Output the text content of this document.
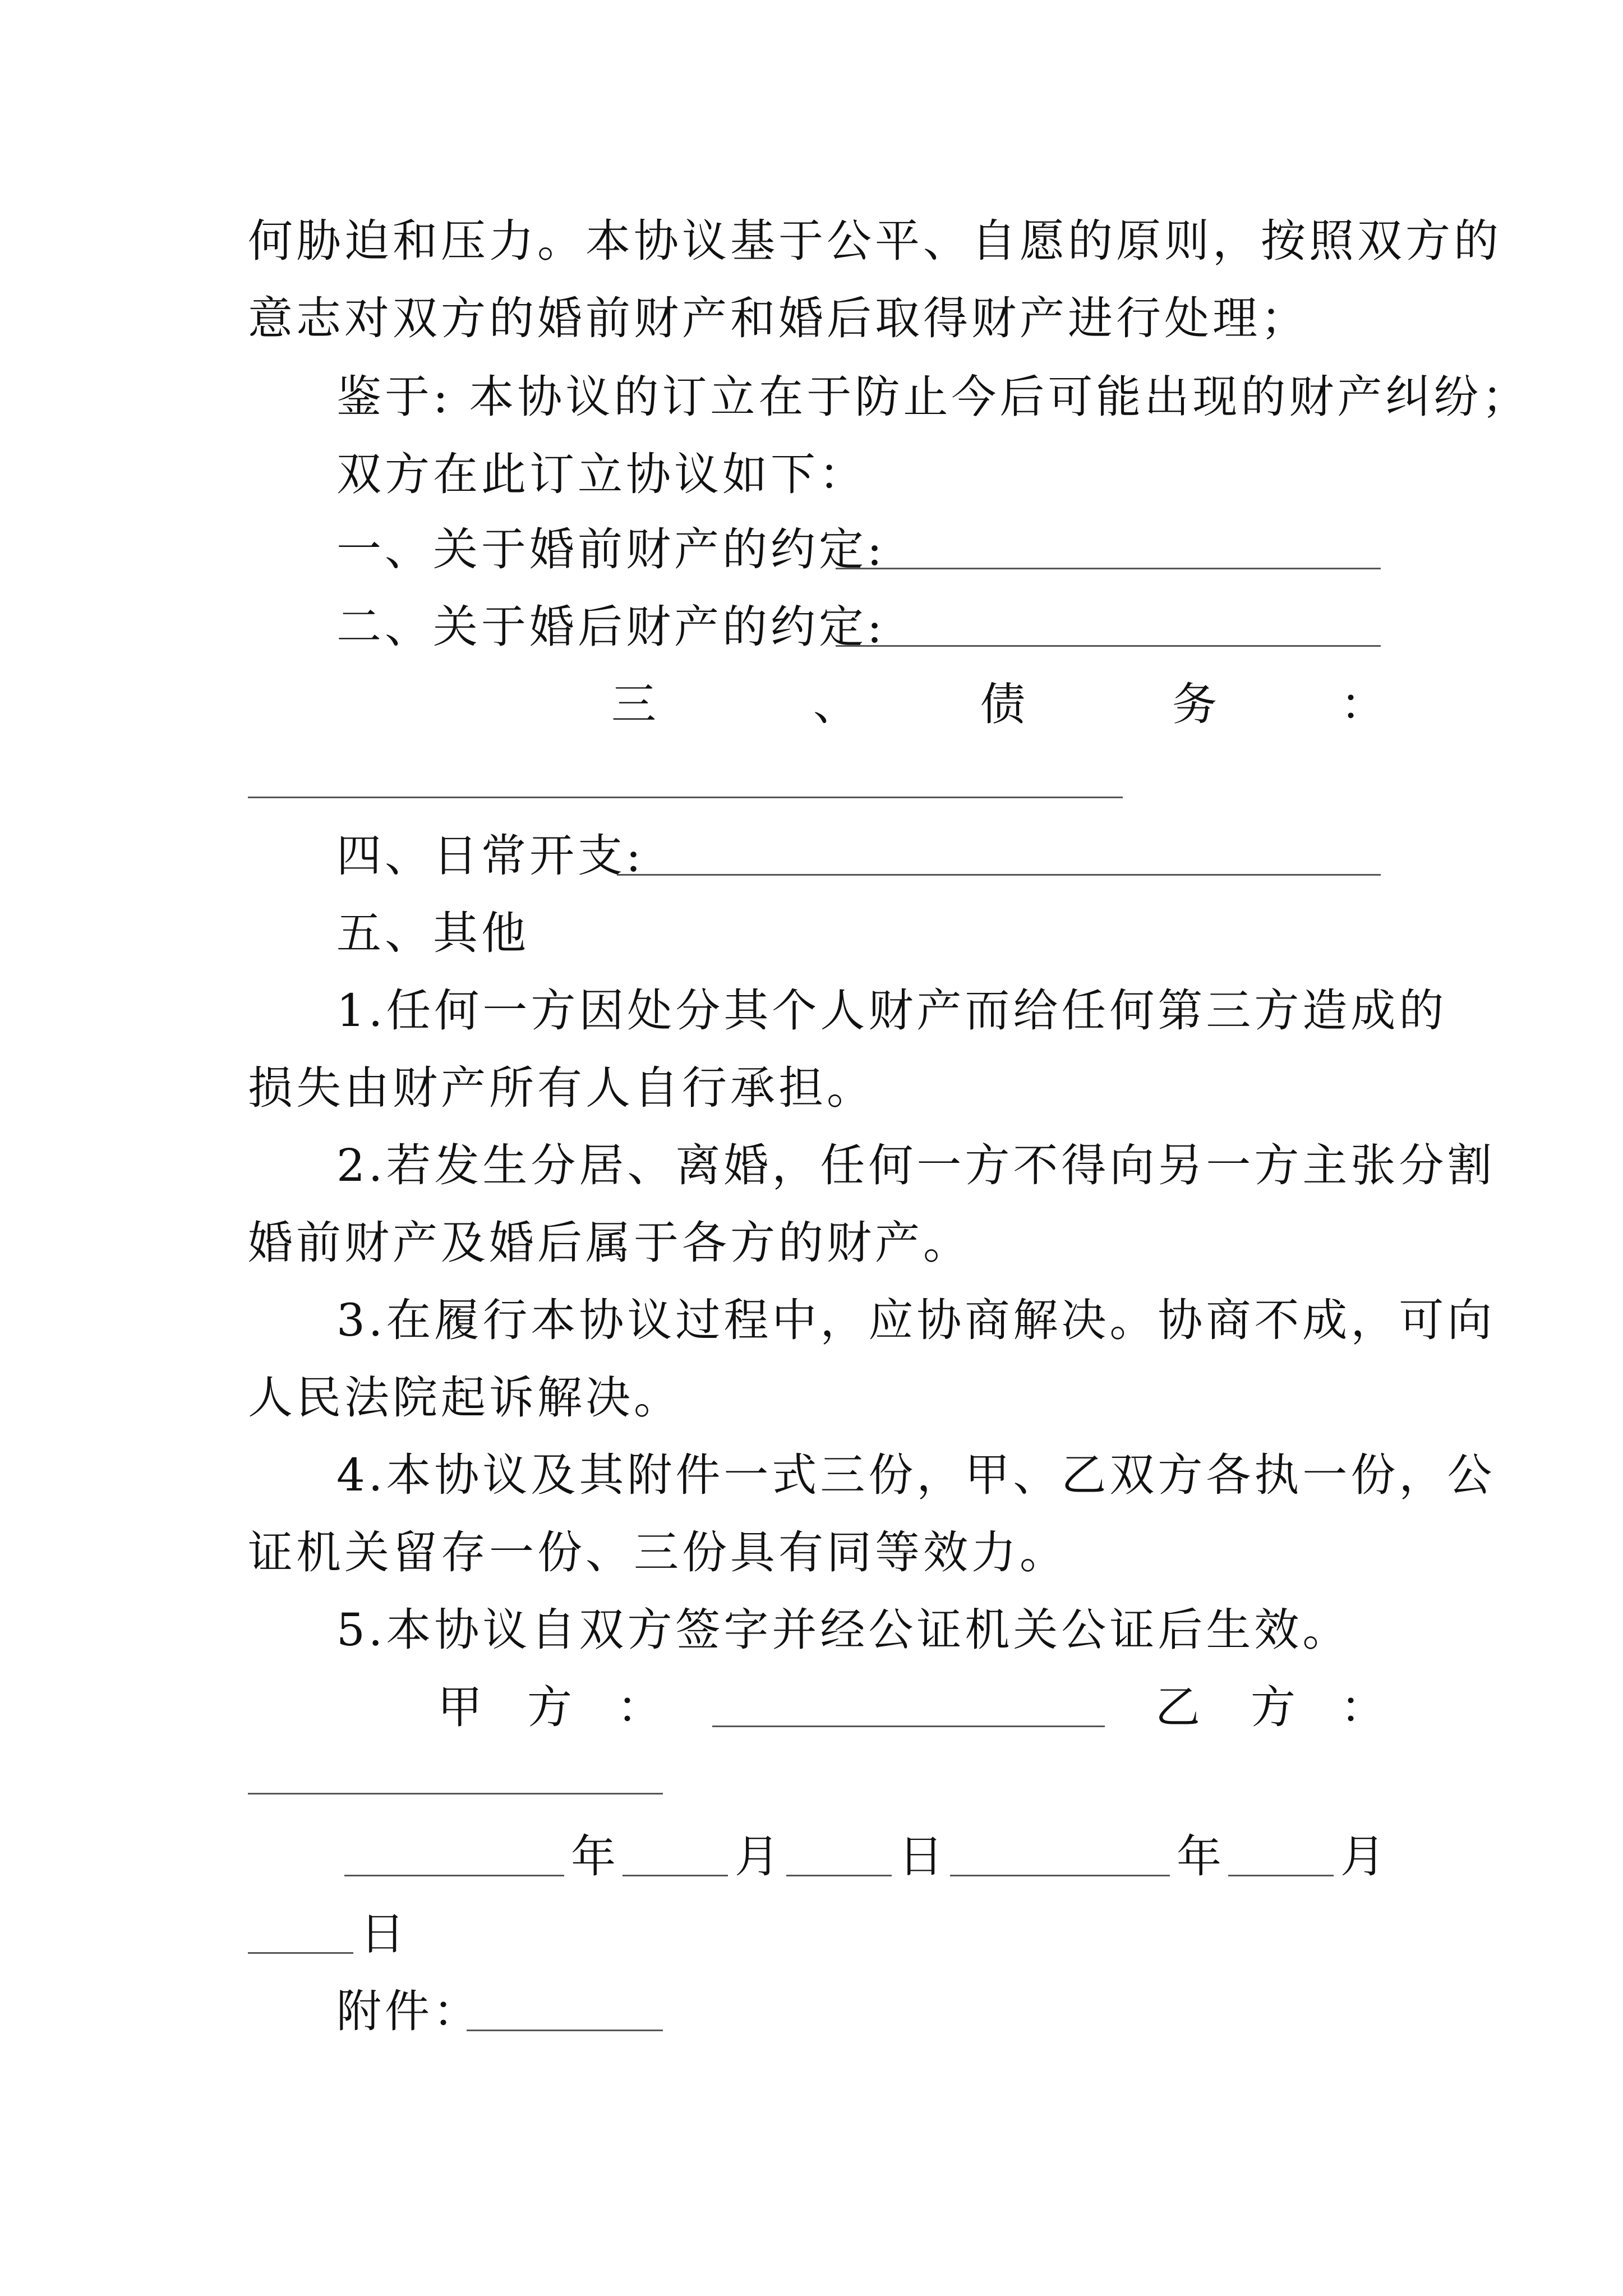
何胁迫和压力。本协议基于公平、自愿的原则，按照双方的
意志对双方的婚前财产和婚后取得财产进行处理；
鉴于: 本协议的订立在于防止今后可能出现的财产纠纷；
双方在此订立协议如下：
一、关于婚前财产的约定:
二、关于婚后财产的约定:
三	、	债	务	：
四、日常开支:
五、其他
1.任何一方因处分其个人财产而给任何第三方造成的
损失由财产所有人自行承担。
2.若发生分居、离婚，任何一方不得向另一方主张分割
婚前财产及婚后属于各方的财产。
3.在履行本协议过程中，应协商解决。协商不成，可向
人民法院起诉解决。
4.本协议及其附件一式三份，甲、乙双方各执一份，公
证机关留存一份、三份具有同等效力。
5.本协议自双方签字并经公证机关公证后生效。
甲 方 ：	乙 方 ：
年	月	日	年	月
日
附件：
